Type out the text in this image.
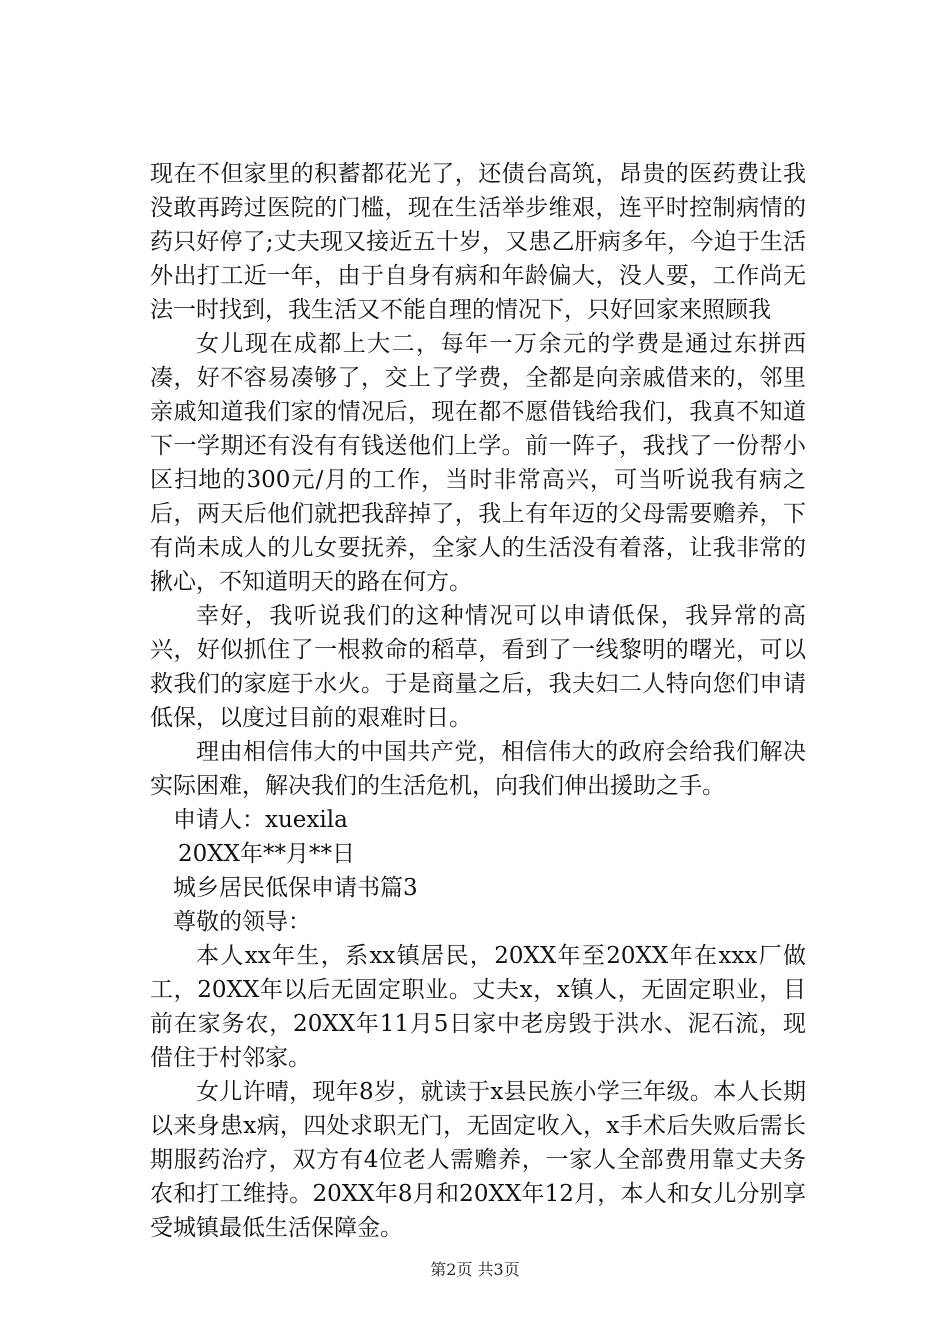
现在不但家里的积蓄都花光了，还债台高筑，昂贵的医药费让我没敢再跨过医院的门槛，现在生活举步维艰，连平时控制病情的药只好停了;丈夫现又接近五十岁，又患乙肝病多年，今迫于生活外出打工近一年，由于自身有病和年龄偏大，没人要，工作尚无法一时找到，我生活又不能自理的情况下，只好回家来照顾我

女儿现在成都上大二，每年一万余元的学费是通过东拼西凑，好不容易凑够了，交上了学费，全都是向亲戚借来的，邻里亲戚知道我们家的情况后，现在都不愿借钱给我们，我真不知道下一学期还有没有有钱送他们上学。前一阵子，我找了一份帮小区扫地的300元/月的工作，当时非常高兴，可当听说我有病之后，两天后他们就把我辞掉了，我上有年迈的父母需要赡养，下有尚未成人的儿女要抚养，全家人的生活没有着落，让我非常的揪心，不知道明天的路在何方。

幸好，我听说我们的这种情况可以申请低保，我异常的高兴，好似抓住了一根救命的稻草，看到了一线黎明的曙光，可以救我们的家庭于水火。于是商量之后，我夫妇二人特向您们申请低保，以度过目前的艰难时日。

理由相信伟大的中国共产党，相信伟大的政府会给我们解决实际困难，解决我们的生活危机，向我们伸出援助之手。

申请人：xuexila

20XX年**月**日

城乡居民低保申请书篇3

尊敬的领导：

本人xx年生，系xx镇居民，20XX年至20XX年在xxx厂做工，20XX年以后无固定职业。丈夫x，x镇人，无固定职业，目前在家务农，20XX年11月5日家中老房毁于洪水、泥石流，现借住于村邻家。

女儿许晴，现年8岁，就读于x县民族小学三年级。本人长期以来身患x病，四处求职无门，无固定收入，x手术后失败后需长期服药治疗，双方有4位老人需赡养，一家人全部费用靠丈夫务农和打工维持。20XX年8月和20XX年12月，本人和女儿分别享受城镇最低生活保障金。

第2页 共3页
